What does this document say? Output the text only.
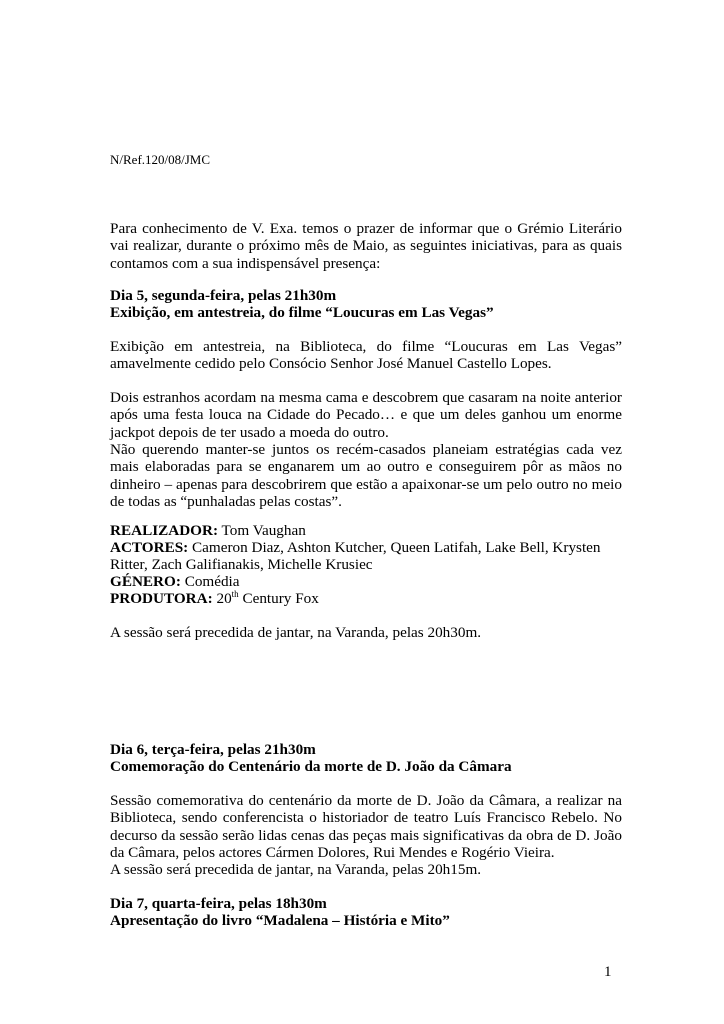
N/Ref.120/08/JMC

Para conhecimento de V. Exa. temos o prazer de informar que o Grémio Literário vai realizar, durante o próximo mês de Maio, as seguintes iniciativas, para as quais contamos com a sua indispensável presença:

Dia 5, segunda-feira, pelas 21h30m

Exibição, em antestreia, do filme “Loucuras em Las Vegas”

Exibição em antestreia, na Biblioteca, do filme “Loucuras em Las Vegas” amavelmente cedido pelo Consócio Senhor José Manuel Castello Lopes.

Dois estranhos acordam na mesma cama e descobrem que casaram na noite anterior após uma festa louca na Cidade do Pecado… e que um deles ganhou um enorme jackpot depois de ter usado a moeda do outro.

Não querendo manter-se juntos os recém-casados planeiam estratégias cada vez mais elaboradas para se enganarem um ao outro e conseguirem pôr as mãos no dinheiro – apenas para descobrirem que estão a apaixonar-se um pelo outro no meio de todas as “punhaladas pelas costas”.

REALIZADOR: Tom Vaughan

ACTORES: Cameron Diaz, Ashton Kutcher, Queen Latifah, Lake Bell, Krysten

Ritter, Zach Galifianakis, Michelle Krusiec

GÉNERO: Comédia

PRODUTORA: 20th Century Fox

A sessão será precedida de jantar, na Varanda, pelas 20h30m.

Dia 6, terça-feira, pelas 21h30m

Comemoração do Centenário da morte de D. João da Câmara

Sessão comemorativa do centenário da morte de D. João da Câmara, a realizar na Biblioteca, sendo conferencista o historiador de teatro Luís Francisco Rebelo. No decurso da sessão serão lidas cenas das peças mais significativas da obra de D. João da Câmara, pelos actores Cármen Dolores, Rui Mendes e Rogério Vieira.

A sessão será precedida de jantar, na Varanda, pelas 20h15m.

Dia 7, quarta-feira, pelas 18h30m

Apresentação do livro “Madalena – História e Mito”

1
